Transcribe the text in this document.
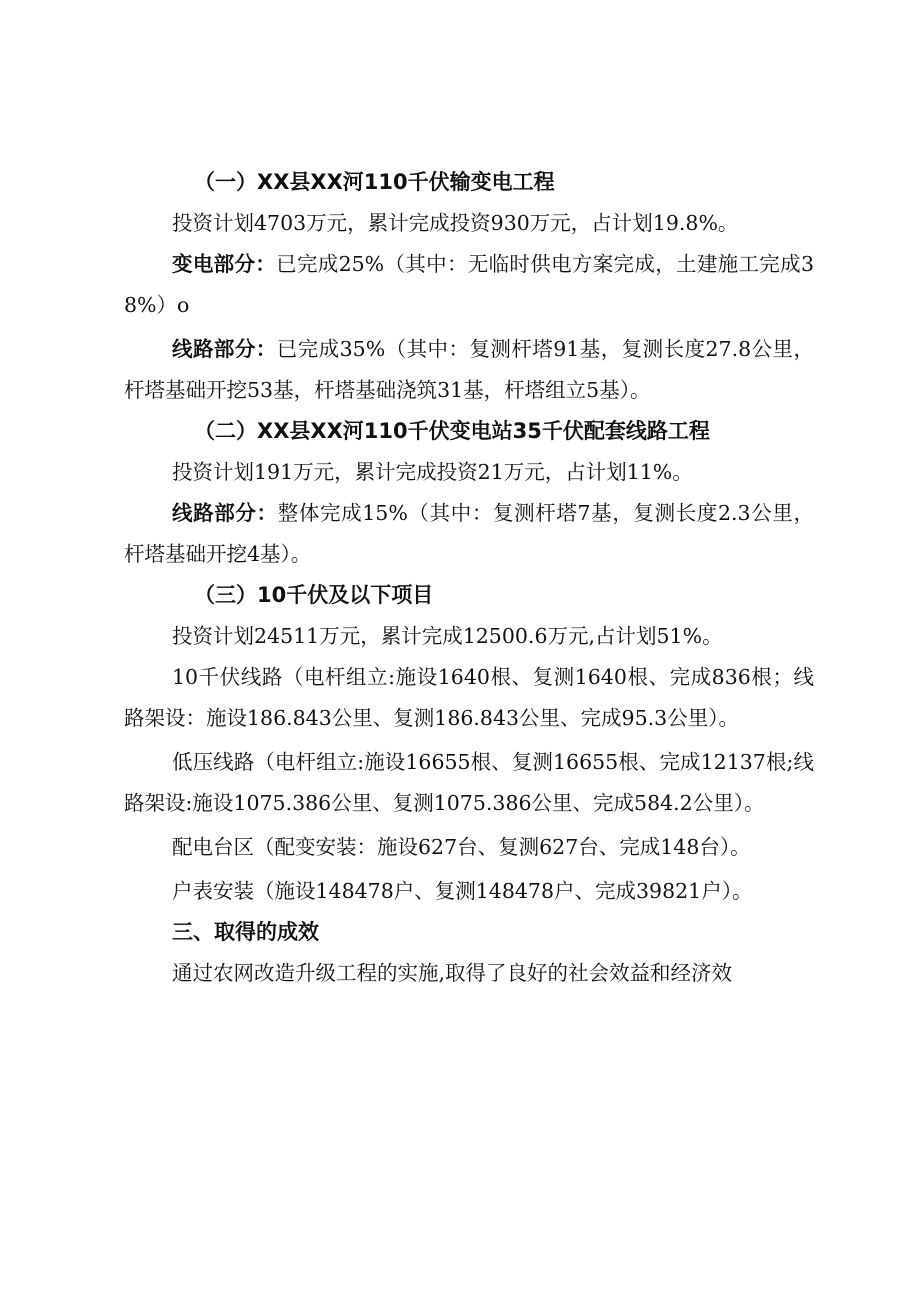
（一）XX县XX河110千伏输变电工程

投资计划4703万元，累计完成投资930万元，占计划19.8%。

变电部分：已完成25%（其中：无临时供电方案完成，土建施工完成38%）o

线路部分：已完成35%（其中：复测杆塔91基，复测长度27.8公里，杆塔基础开挖53基，杆塔基础浇筑31基，杆塔组立5基）。

（二）XX县XX河110千伏变电站35千伏配套线路工程

投资计划191万元，累计完成投资21万元，占计划11%。

线路部分：整体完成15%（其中：复测杆塔7基，复测长度2.3公里，杆塔基础开挖4基）。

（三）10千伏及以下项目

投资计划24511万元，累计完成12500.6万元,占计划51%。

10千伏线路（电杆组立:施设1640根、复测1640根、完成836根；线路架设：施设186.843公里、复测186.843公里、完成95.3公里）。

低压线路（电杆组立:施设16655根、复测16655根、完成12137根;线路架设:施设1075.386公里、复测1075.386公里、完成584.2公里）。

配电台区（配变安装：施设627台、复测627台、完成148台）。

户表安装（施设148478户、复测148478户、完成39821户）。

三、取得的成效

通过农网改造升级工程的实施,取得了良好的社会效益和经济效
